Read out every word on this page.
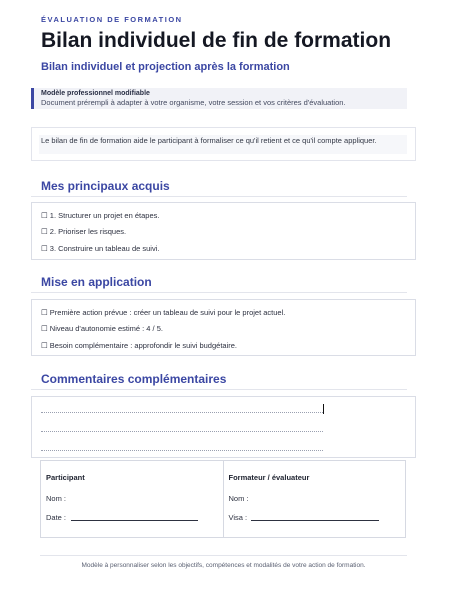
ÉVALUATION DE FORMATION
Bilan individuel de fin de formation
Bilan individuel et projection après la formation
Modèle professionnel modifiable
Document prérempli à adapter à votre organisme, votre session et vos critères d'évaluation.
Le bilan de fin de formation aide le participant à formaliser ce qu'il retient et ce qu'il compte appliquer.
Mes principaux acquis
☐ 1. Structurer un projet en étapes.
☐ 2. Prioriser les risques.
☐ 3. Construire un tableau de suivi.
Mise en application
☐ Première action prévue : créer un tableau de suivi pour le projet actuel.
☐ Niveau d'autonomie estimé : 4 / 5.
☐ Besoin complémentaire : approfondir le suivi budgétaire.
Commentaires complémentaires
Participant
Nom :
Date :
Formateur / évaluateur
Nom :
Visa :
Modèle à personnaliser selon les objectifs, compétences et modalités de votre action de formation.
